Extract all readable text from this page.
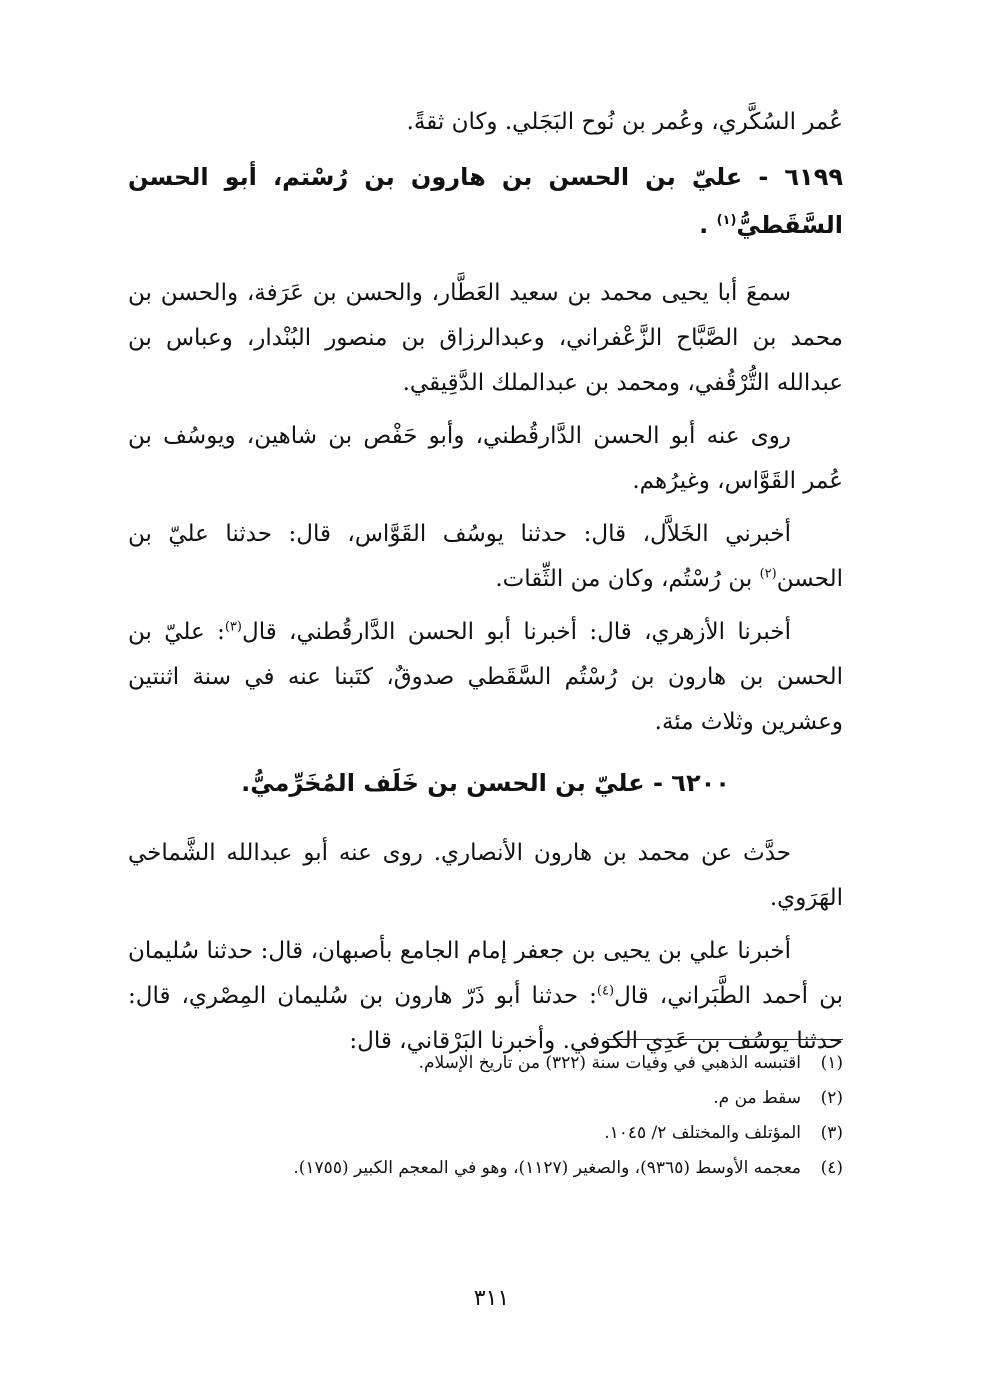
عُمر السُكَّري، وعُمر بن نُوح البَجَلي. وكان ثقةً.

٦١٩٩ - عليّ بن الحسن بن هارون بن رُسْتم، أبو الحسن السَّقَطيُّ$^{(١)}$ .

سمعَ أبا يحيى محمد بن سعيد العَطَّار، والحسن بن عَرَفة، والحسن بن محمد بن الصَّبَّاح الزَّعْفراني، وعبدالرزاق بن منصور البُنْدار، وعباس بن عبدالله التُّرْقُفي، ومحمد بن عبدالملك الدَّقِيقي.

روى عنه أبو الحسن الدَّارقُطني، وأبو حَفْص بن شاهين، ويوسُف بن عُمر القَوَّاس، وغيرُهم.

أخبرني الخَلاَّل، قال: حدثنا يوسُف القَوَّاس، قال: حدثنا عليّ بن الحسن$^{(٢)}$ بن رُسْتُم، وكان من الثِّقات.

أخبرنا الأزهري، قال: أخبرنا أبو الحسن الدَّارقُطني، قال$^{(٣)}$: عليّ بن الحسن بن هارون بن رُسْتُم السَّقَطي صدوقٌ، كتَبنا عنه في سنة اثنتين وعشرين وثلاث مئة.

٦٢٠٠ - عليّ بن الحسن بن خَلَف المُخَرِّميُّ.

حدَّث عن محمد بن هارون الأنصاري. روى عنه أبو عبدالله الشَّماخي الهَرَوي.

أخبرنا علي بن يحيى بن جعفر إمام الجامع بأصبهان، قال: حدثنا سُليمان بن أحمد الطَّبَراني، قال$^{(٤)}$: حدثنا أبو ذَرّ هارون بن سُليمان المِصْري، قال: حدثنا يوسُف بن عَدِي الكوفي. وأخبرنا البَرْقاني، قال:

(١)اقتبسه الذهبي في وفيات سنة (٣٢٢) من تاريخ الإسلام.

(٢)سقط من م.

(٣)المؤتلف والمختلف ٢/ ١٠٤٥.

(٤)معجمه الأوسط (٩٣٦٥)، والصغير (١١٢٧)، وهو في المعجم الكبير (١٧٥٥).

٣١١
